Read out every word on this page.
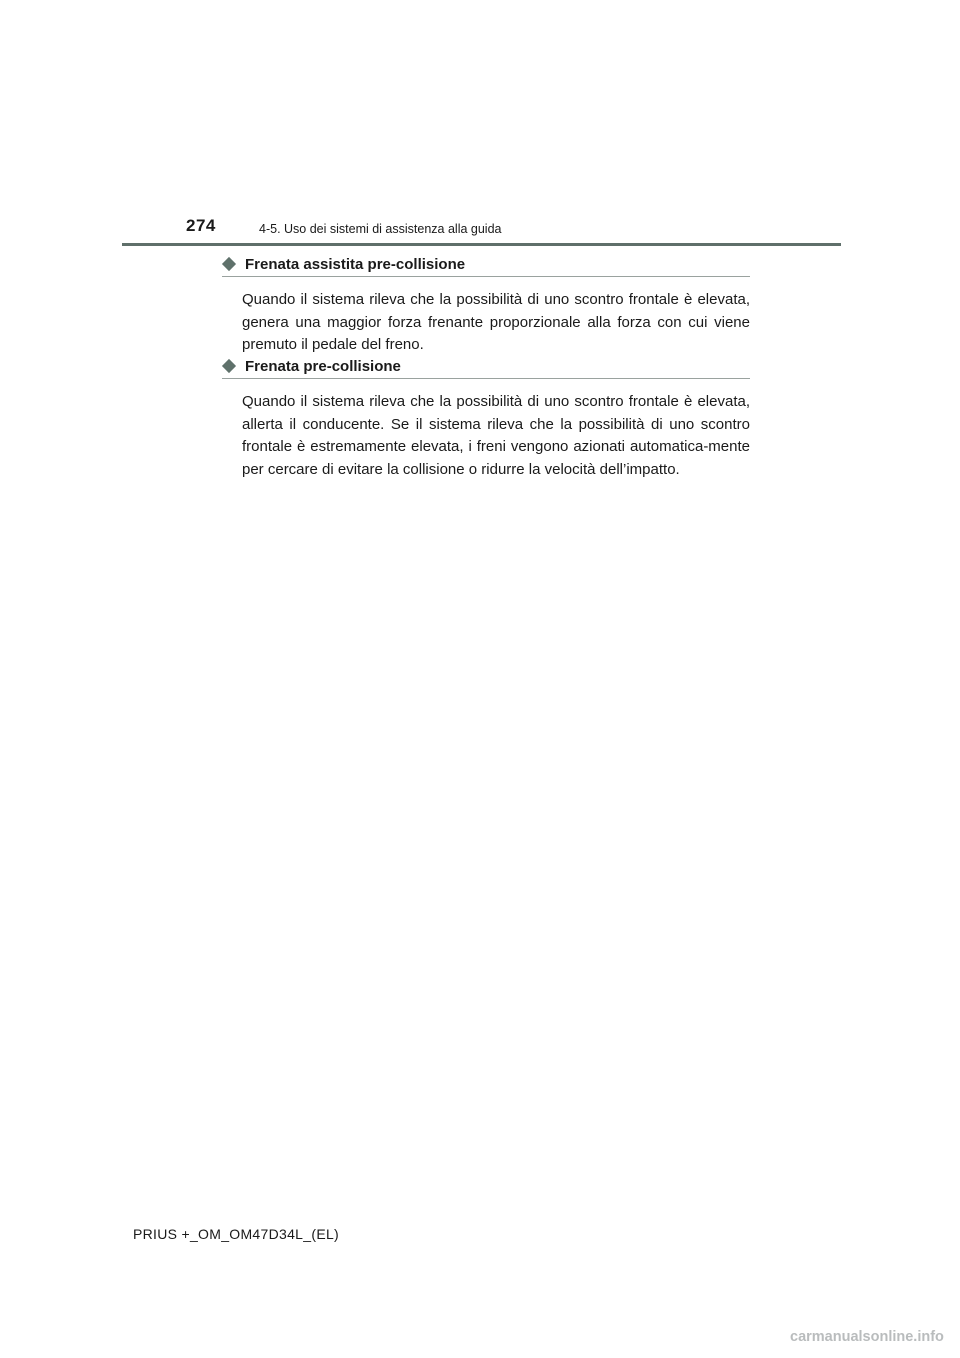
274	4-5. Uso dei sistemi di assistenza alla guida
Frenata assistita pre-collisione
Quando il sistema rileva che la possibilità di uno scontro frontale è elevata, genera una maggior forza frenante proporzionale alla forza con cui viene premuto il pedale del freno.
Frenata pre-collisione
Quando il sistema rileva che la possibilità di uno scontro frontale è elevata, allerta il conducente. Se il sistema rileva che la possibilità di uno scontro frontale è estremamente elevata, i freni vengono azionati automatica-mente per cercare di evitare la collisione o ridurre la velocità dell’impatto.
PRIUS +_OM_OM47D34L_(EL)
carmanualsonline.info
